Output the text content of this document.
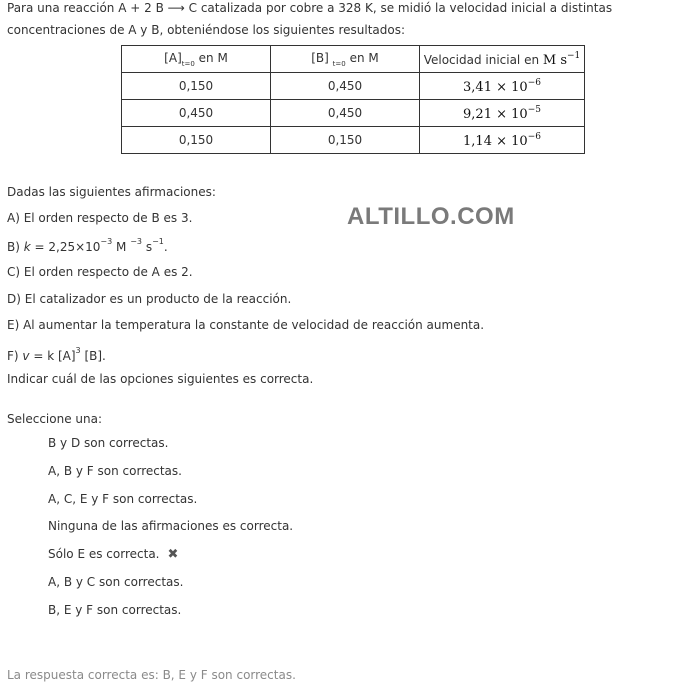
Para una reacción A + 2 B ⟶ C catalizada por cobre a 328 K, se midió la velocidad inicial a distintas concentraciones de A y B, obteniéndose los siguientes resultados:
$[A]_{t=0}$ en M	[B] $_{t=0}$ en M	Velocidad inicial en M $s^{-1}$
0,150	0,450	$3,41 \times 10^{-6}$
0,450	0,450	$9,21 \times 10^{-5}$
0,150	0,150	$1,14 \times 10^{-6}$
Dadas las siguientes afirmaciones:
ALTILLO.COM
A) El orden respecto de B es 3.
B) $k = 2,25\times 10^{-3}$ M $^{-3}$ $s^{-1}$.
C) El orden respecto de A es 2.
D) El catalizador es un producto de la reacción.
E) Al aumentar la temperatura la constante de velocidad de reacción aumenta.
F) v = k $[A]^3$ [B].
Indicar cuál de las opciones siguientes es correcta.
Seleccione una:
B y D son correctas.
A, B y F son correctas.
A, C, E y F son correctas.
Ninguna de las afirmaciones es correcta.
Sólo E es correcta. ✖
A, B y C son correctas.
B, E y F son correctas.
La respuesta correcta es: B, E y F son correctas.
